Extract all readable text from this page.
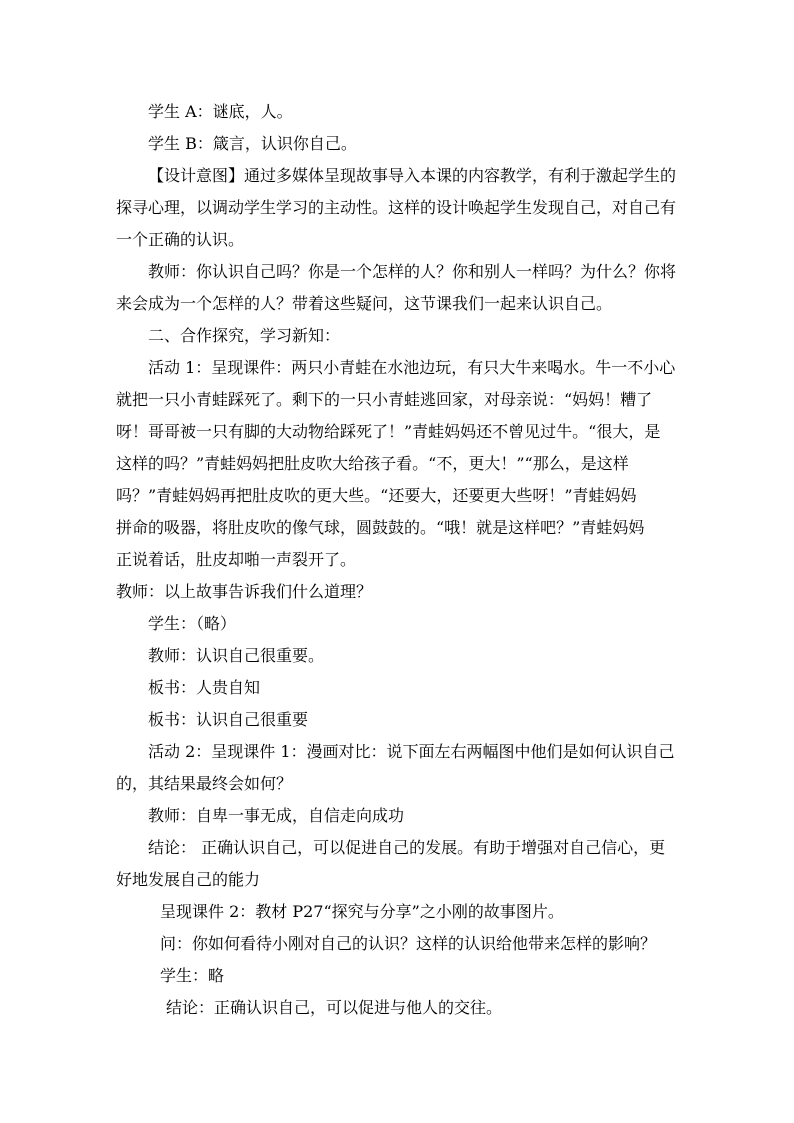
学生 A：谜底，人。
学生 B：箴言，认识你自己。
【设计意图】通过多媒体呈现故事导入本课的内容教学，有利于激起学生的
探寻心理，以调动学生学习的主动性。这样的设计唤起学生发现自己，对自己有
一个正确的认识。
教师：你认识自己吗？你是一个怎样的人？你和别人一样吗？为什么？你将
来会成为一个怎样的人？带着这些疑问，这节课我们一起来认识自己。
二、合作探究，学习新知：
活动 1：呈现课件：两只小青蛙在水池边玩，有只大牛来喝水。牛一不小心
就把一只小青蛙踩死了。剩下的一只小青蛙逃回家，对母亲说：“妈妈！糟了
呀！哥哥被一只有脚的大动物给踩死了！”青蛙妈妈还不曾见过牛。“很大，是
这样的吗？”青蛙妈妈把肚皮吹大给孩子看。“不，更大！”“那么，是这样
吗？”青蛙妈妈再把肚皮吹的更大些。“还要大，还要更大些呀！”青蛙妈妈
拼命的吸器，将肚皮吹的像气球，圆鼓鼓的。“哦！就是这样吧？”青蛙妈妈
正说着话，肚皮却啪一声裂开了。
教师：以上故事告诉我们什么道理？
学生：（略）
教师：认识自己很重要。
板书：人贵自知
板书：认识自己很重要
活动 2：呈现课件 1：漫画对比：说下面左右两幅图中他们是如何认识自己
的，其结果最终会如何？
教师：自卑一事无成，自信走向成功
结论： 正确认识自己，可以促进自己的发展。有助于增强对自己信心，更
好地发展自己的能力
呈现课件 2：教材 P27“探究与分享”之小刚的故事图片。
问：你如何看待小刚对自己的认识？这样的认识给他带来怎样的影响？
学生：略
结论：正确认识自己，可以促进与他人的交往。
